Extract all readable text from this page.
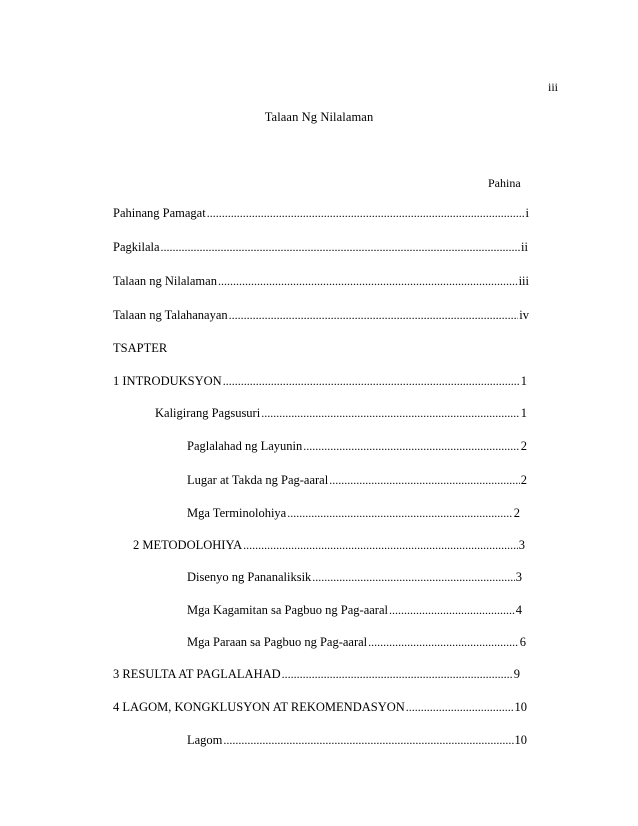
iii
Talaan Ng Nilalaman
Pahina
Pahinang Pamagat .....	i
Pagkilala .....	ii
Talaan ng Nilalaman .....	iii
Talaan ng Talahanayan .....	iv
TSAPTER
1 INTRODUKSYON .....	1
Kaligirang Pagsusuri .....	1
Paglalahad ng Layunin .....	2
Lugar at Takda ng Pag-aaral .....	2
Mga Terminolohiya .....	2
2 METODOLOHIYA .....	3
Disenyo ng Pananaliksik .....	3
Mga Kagamitan sa Pagbuo ng Pag-aaral .....	4
Mga Paraan sa Pagbuo ng Pag-aaral .....	6
3 RESULTA AT PAGLALAHAD .....	9
4 LAGOM, KONGKLUSYON AT REKOMENDASYON .....	10
Lagom .....	10
